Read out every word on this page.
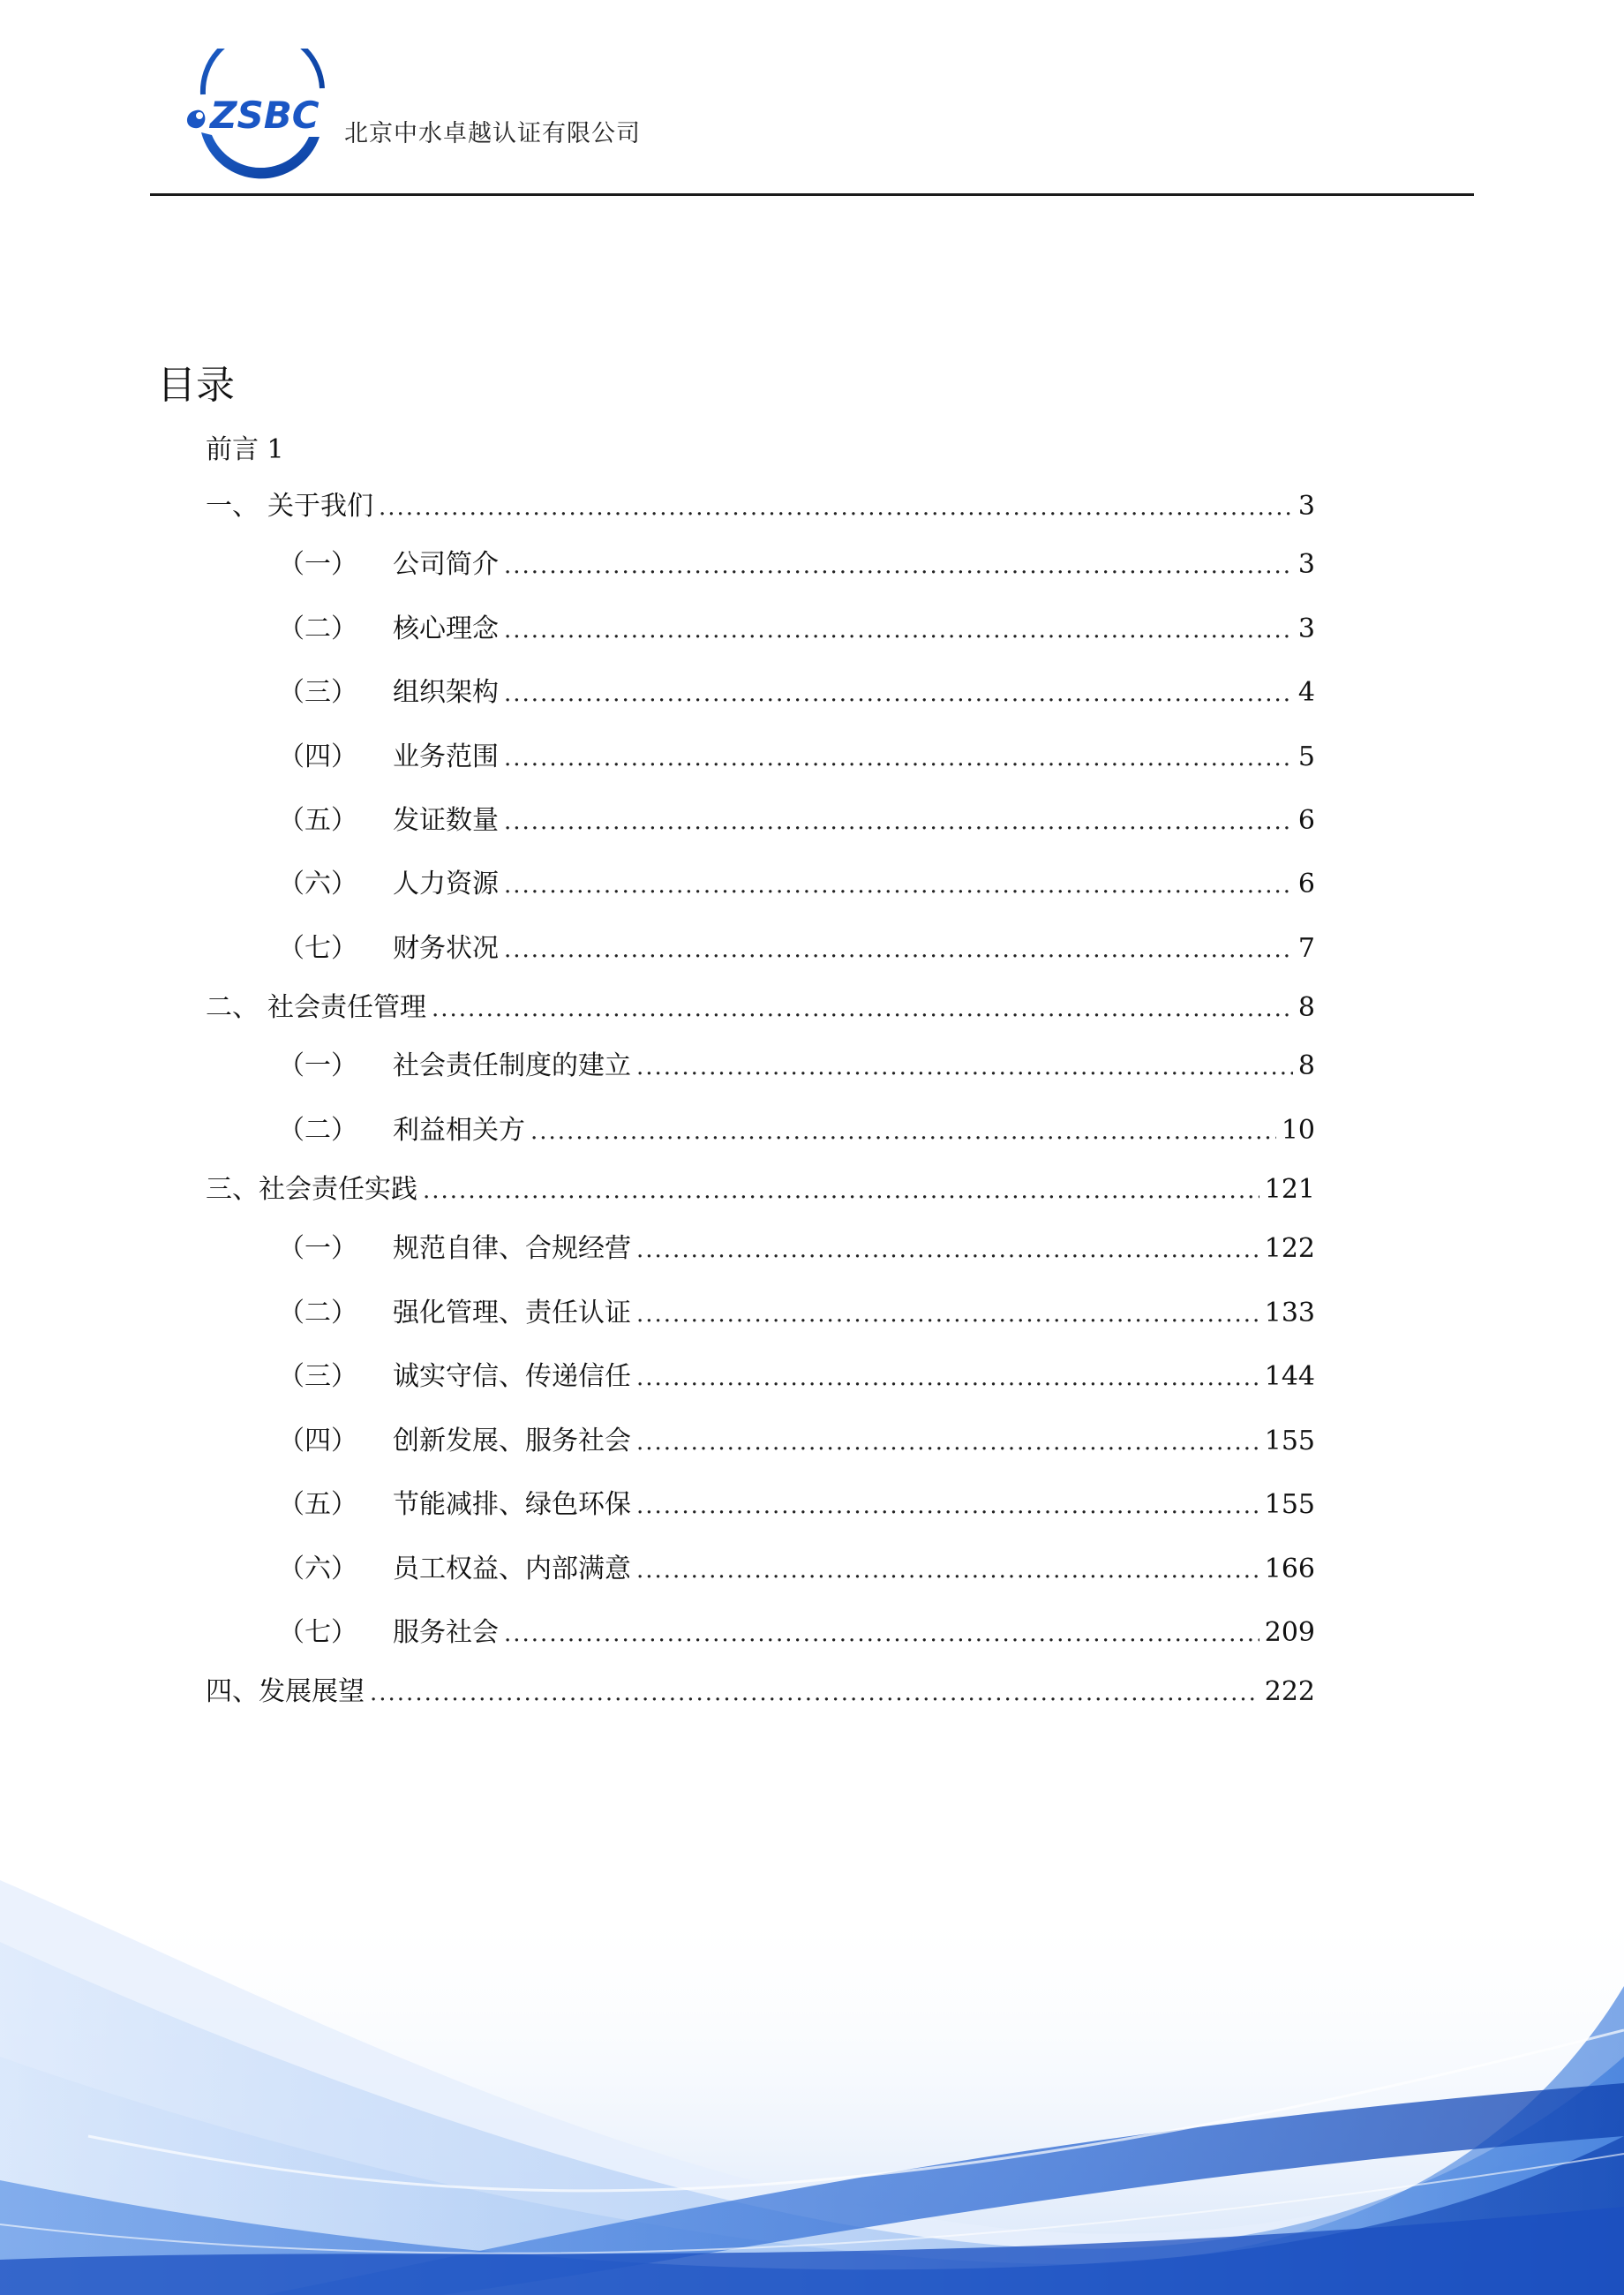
ZSBC 北京中水卓越认证有限公司
目录
前言 1
一、 关于我们 .....	3
（一）	公司简介 .....	3
（二）	核心理念 .....	3
（三）	组织架构 .....	4
（四）	业务范围 .....	5
（五）	发证数量 .....	6
（六）	人力资源 .....	6
（七）	财务状况 .....	7
二、 社会责任管理 .....	8
（一）	社会责任制度的建立 .....	8
（二）	利益相关方 .....	10
三、 社会责任实践 .....	121
（一）	规范自律、合规经营 .....	122
（二）	强化管理、责任认证 .....	133
（三）	诚实守信、传递信任 .....	144
（四）	创新发展、服务社会 .....	155
（五）	节能减排、绿色环保 .....	155
（六）	员工权益、内部满意 .....	166
（七）	服务社会 .....	209
四、 发展展望 .....	222
